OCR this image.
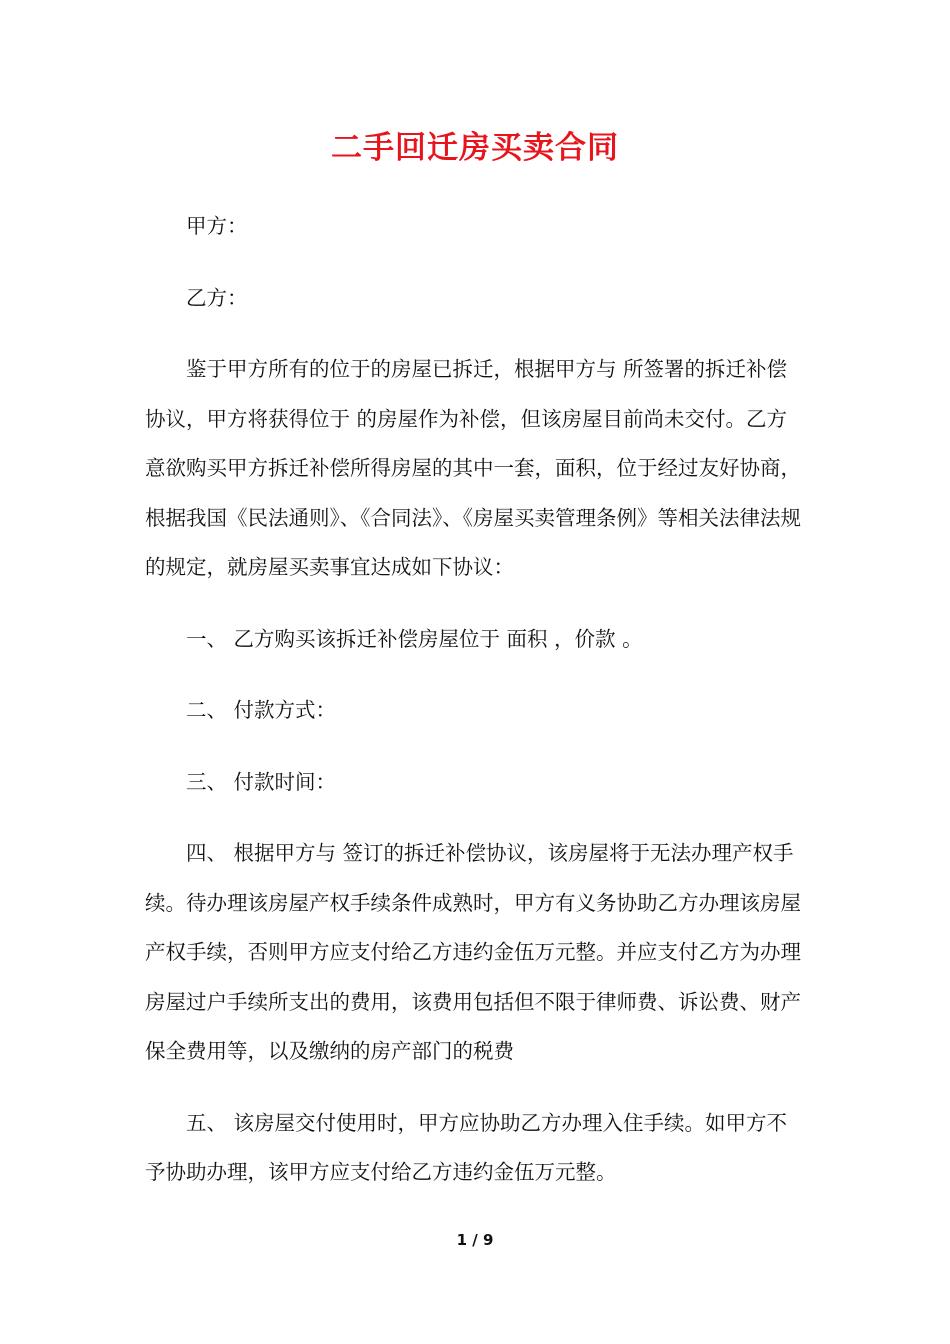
二手回迁房买卖合同

甲方：

乙方：

鉴于甲方所有的位于的房屋已拆迁，根据甲方与 所签署的拆迁补偿协议，甲方将获得位于 的房屋作为补偿，但该房屋目前尚未交付。乙方意欲购买甲方拆迁补偿所得房屋的其中一套，面积，位于经过友好协商，根据我国《民法通则》、《合同法》、《房屋买卖管理条例》等相关法律法规的规定，就房屋买卖事宜达成如下协议：

一、 乙方购买该拆迁补偿房屋位于 面积 ，价款 。

二、 付款方式：

三、 付款时间：

四、 根据甲方与 签订的拆迁补偿协议，该房屋将于无法办理产权手续。待办理该房屋产权手续条件成熟时，甲方有义务协助乙方办理该房屋产权手续，否则甲方应支付给乙方违约金伍万元整。并应支付乙方为办理房屋过户手续所支出的费用，该费用包括但不限于律师费、诉讼费、财产保全费用等，以及缴纳的房产部门的税费

五、 该房屋交付使用时，甲方应协助乙方办理入住手续。如甲方不予协助办理，该甲方应支付给乙方违约金伍万元整。

1 / 9
